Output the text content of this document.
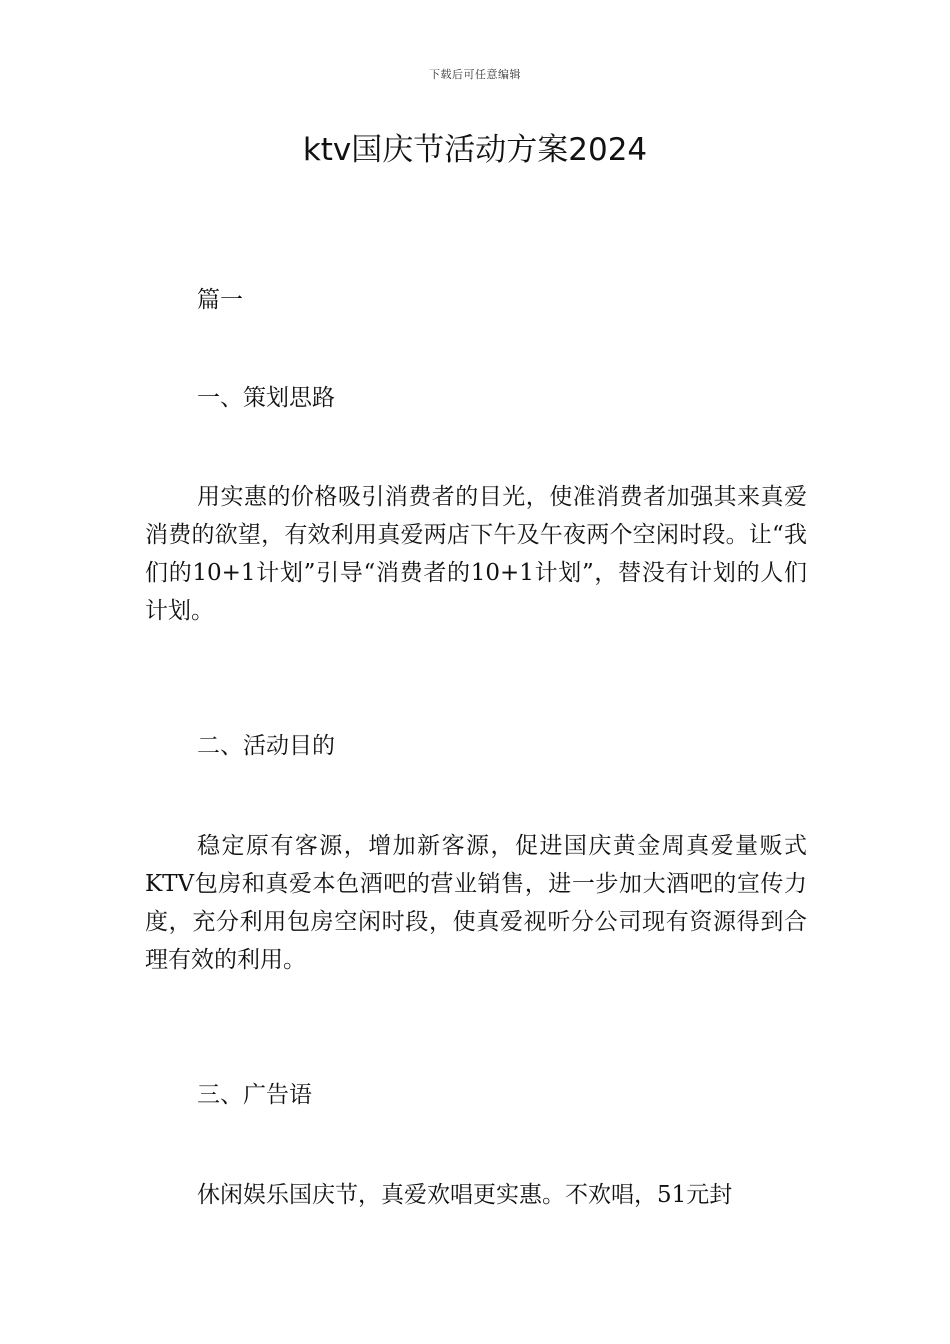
下载后可任意编辑
ktv国庆节活动方案2024

篇一

一、策划思路

用实惠的价格吸引消费者的目光，使准消费者加强其来真爱消费的欲望，有效利用真爱两店下午及午夜两个空闲时段。让“我们的10+1计划”引导“消费者的10+1计划”，替没有计划的人们计划。

二、活动目的

稳定原有客源，增加新客源，促进国庆黄金周真爱量贩式KTV包房和真爱本色酒吧的营业销售，进一步加大酒吧的宣传力度，充分利用包房空闲时段，使真爱视听分公司现有资源得到合理有效的利用。

三、广告语

休闲娱乐国庆节，真爱欢唱更实惠。不欢唱，51元封
